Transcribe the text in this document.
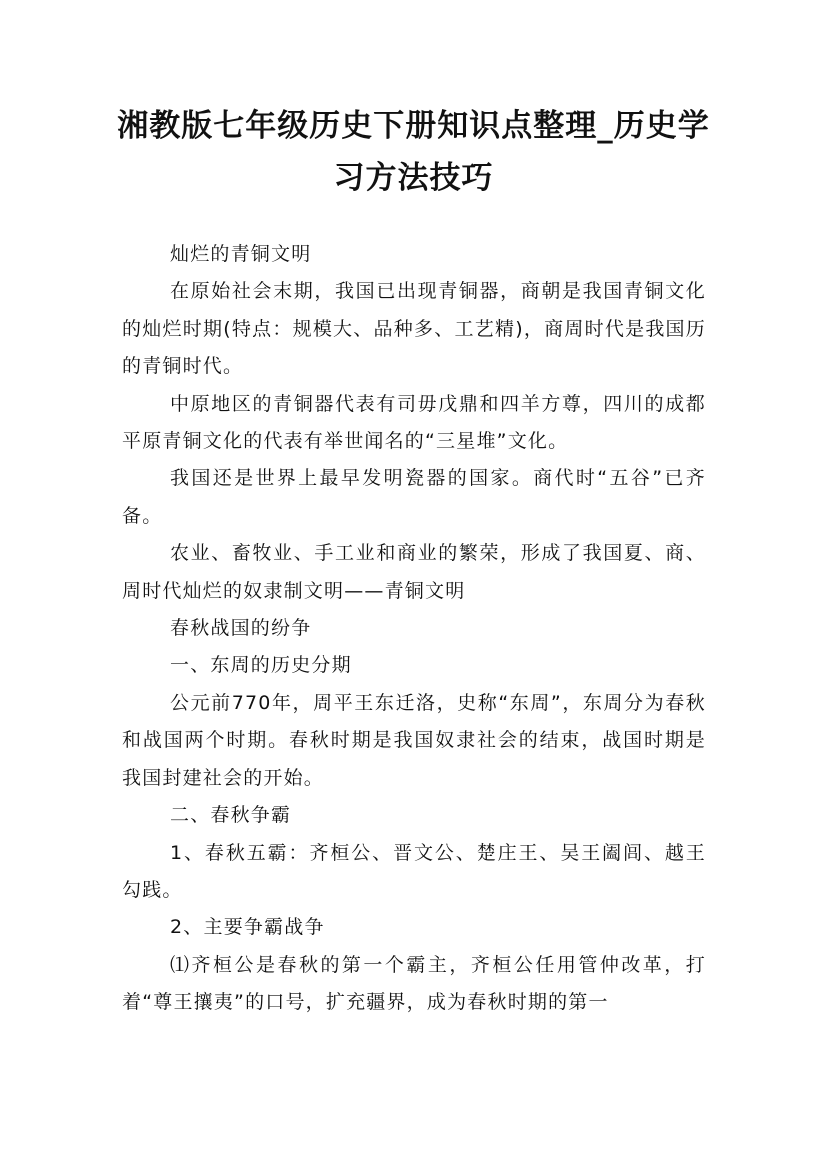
湘教版七年级历史下册知识点整理_历史学
习方法技巧

灿烂的青铜文明

在原始社会末期，我国已出现青铜器，商朝是我国青铜文化的灿烂时期(特点：规模大、品种多、工艺精)，商周时代是我国历的青铜时代。

中原地区的青铜器代表有司毋戊鼎和四羊方尊，四川的成都平原青铜文化的代表有举世闻名的“三星堆”文化。

我国还是世界上最早发明瓷器的国家。商代时“五谷”已齐备。

农业、畜牧业、手工业和商业的繁荣，形成了我国夏、商、周时代灿烂的奴隶制文明——青铜文明

春秋战国的纷争

一、东周的历史分期

公元前770年，周平王东迁洛，史称“东周”，东周分为春秋和战国两个时期。春秋时期是我国奴隶社会的结束，战国时期是我国封建社会的开始。

二、春秋争霸

1、春秋五霸：齐桓公、晋文公、楚庄王、吴王阖闾、越王勾践。

2、主要争霸战争

⑴齐桓公是春秋的第一个霸主，齐桓公任用管仲改革，打着“尊王攘夷”的口号，扩充疆界，成为春秋时期的第一
